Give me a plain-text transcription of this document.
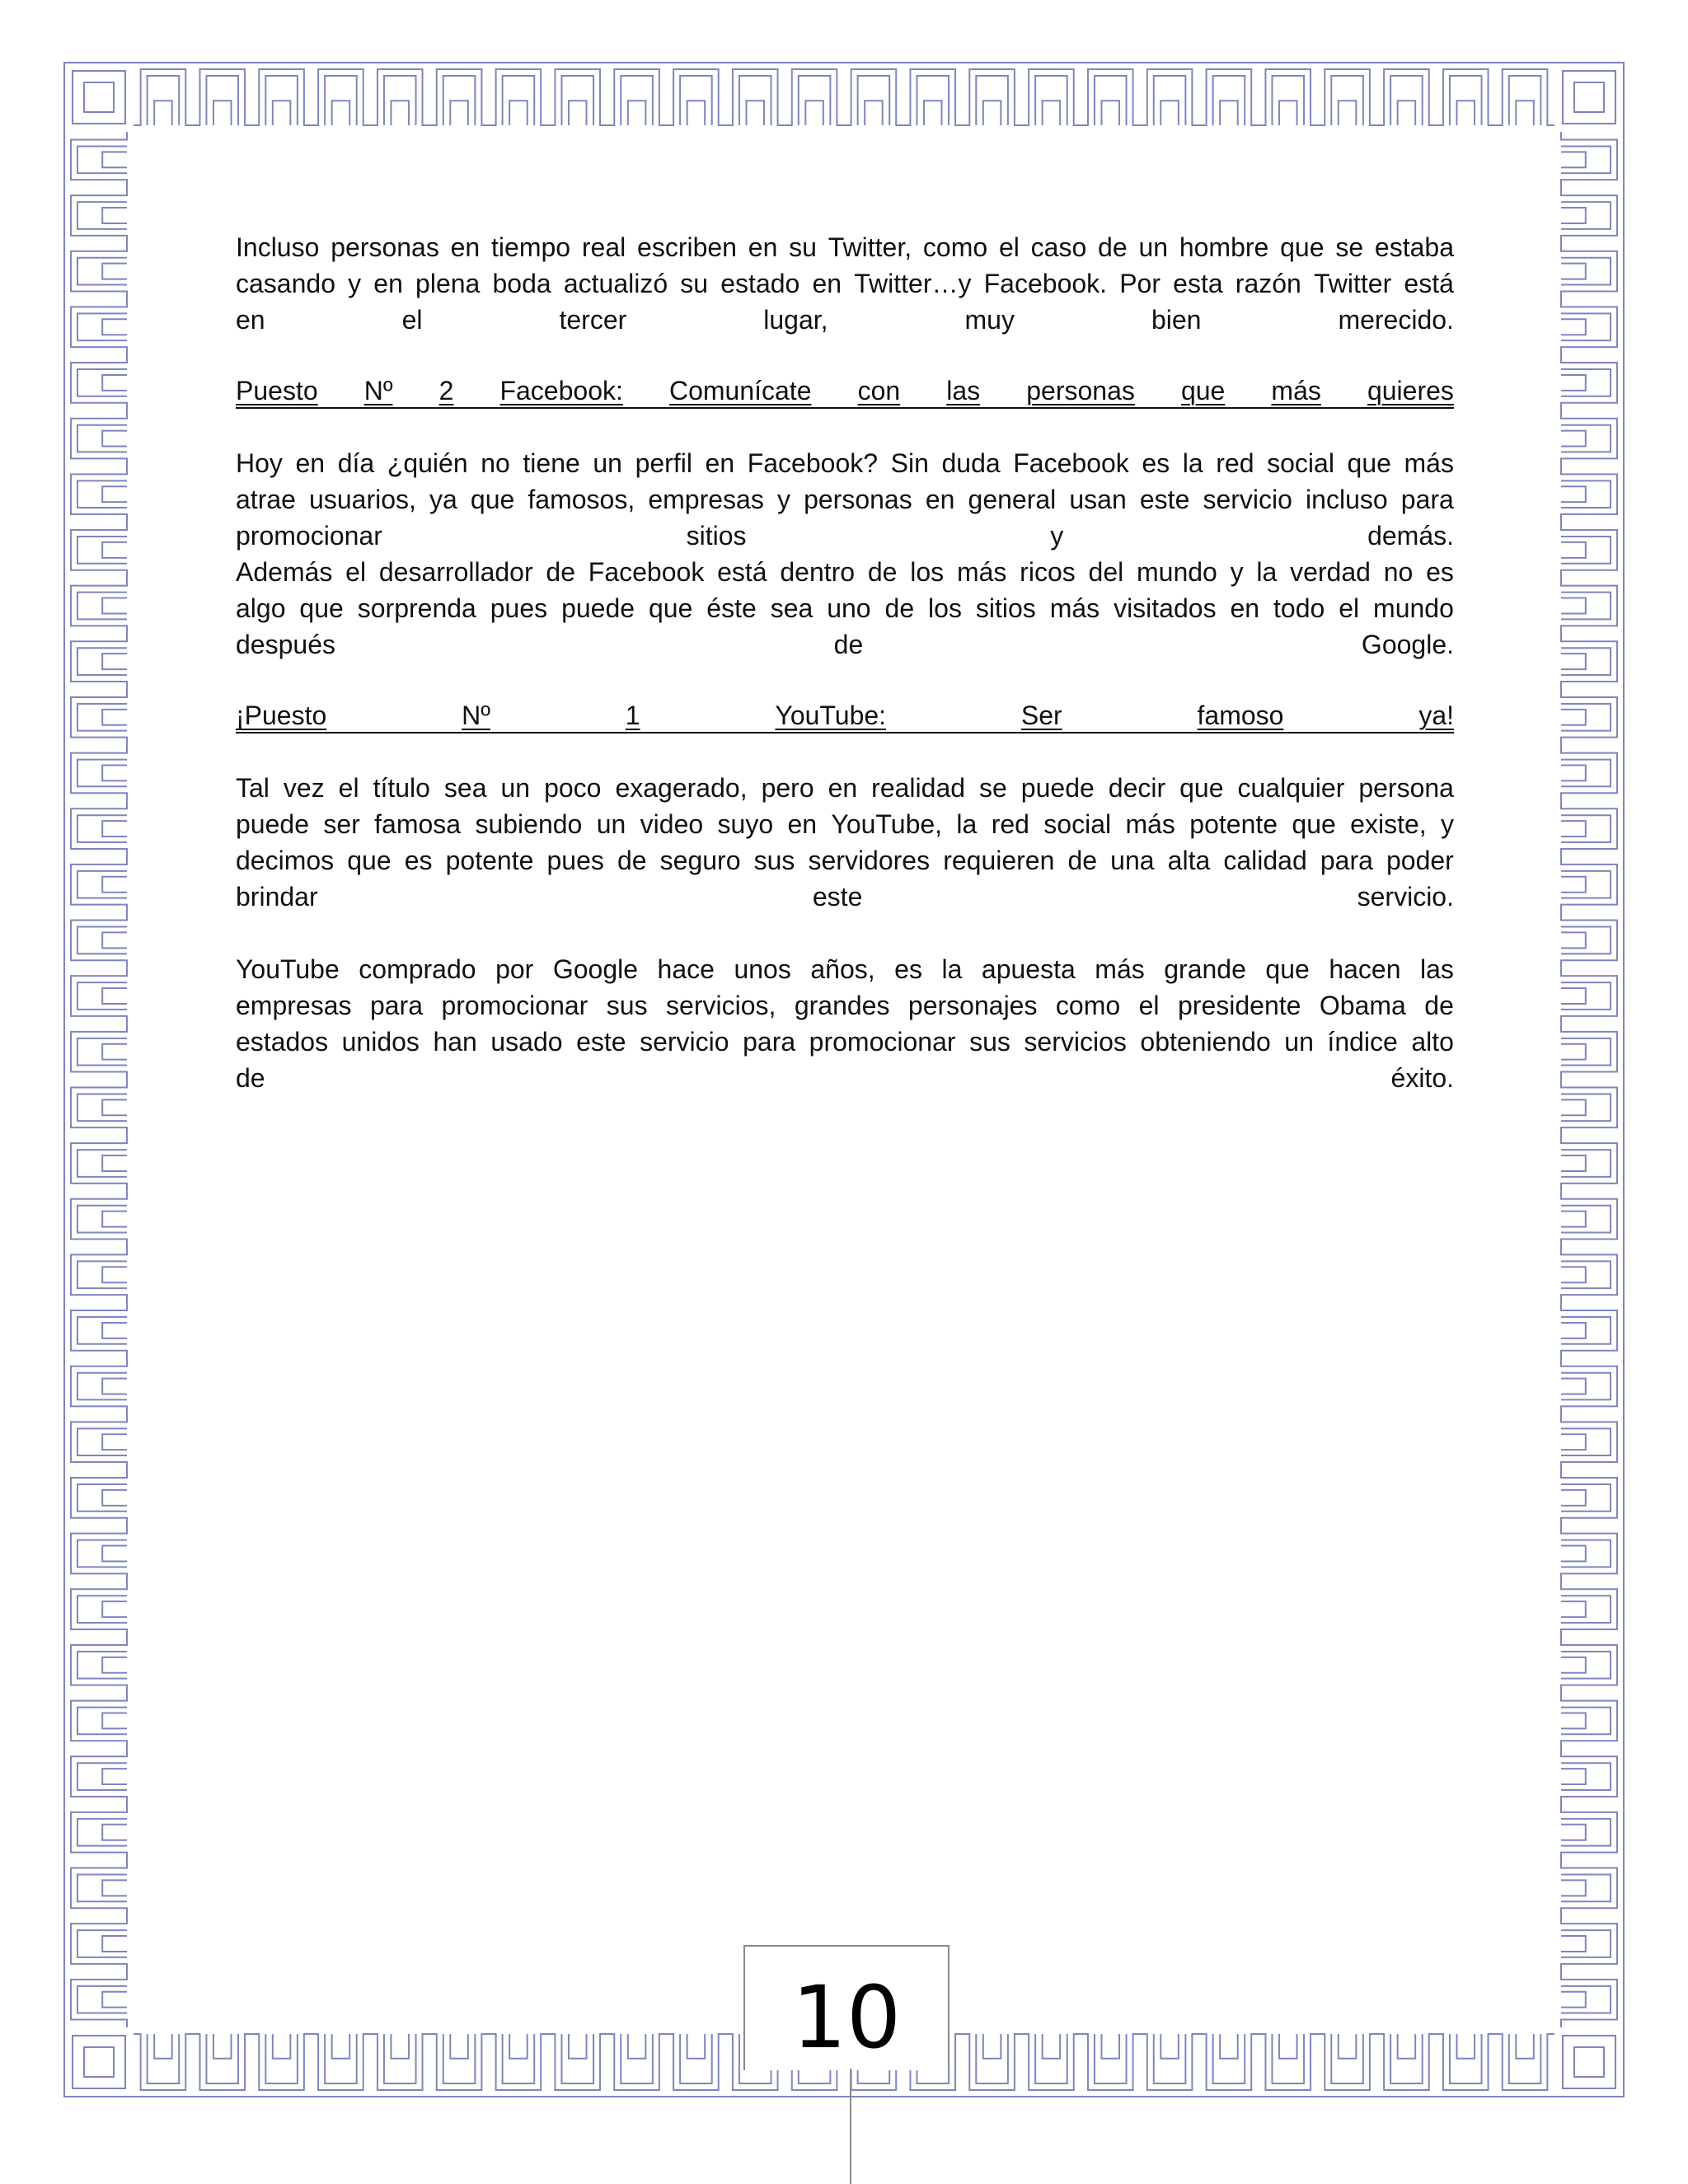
Incluso personas en tiempo real escriben en su Twitter, como el caso de un hombre que se estaba
casando y en plena boda actualizó su estado en Twitter…y Facebook. Por esta razón Twitter está
en	el	tercer	lugar,	muy	bien	merecido.
Puesto Nº 2 Facebook: Comunícate con las personas que más quieres
Hoy en día ¿quién no tiene un perfil en Facebook? Sin duda Facebook es la red social que más
atrae usuarios, ya que famosos, empresas y personas en general usan este servicio incluso para
promocionar	sitios	y	demás.
Además el desarrollador de Facebook está dentro de los más ricos del mundo y la verdad no es
algo que sorprenda pues puede que éste sea uno de los sitios más visitados en todo el mundo
después	de	Google.
¡Puesto	Nº	1	YouTube:	Ser	famoso	ya!
Tal vez el título sea un poco exagerado, pero en realidad se puede decir que cualquier persona
puede ser famosa subiendo un video suyo en YouTube, la red social más potente que existe, y
decimos que es potente pues de seguro sus servidores requieren de una alta calidad para poder
brindar	este	servicio.
YouTube comprado por Google hace unos años, es la apuesta más grande que hacen las
empresas para promocionar sus servicios, grandes personajes como el presidente Obama de
estados unidos han usado este servicio para promocionar sus servicios obteniendo un índice alto
de	éxito.
10
